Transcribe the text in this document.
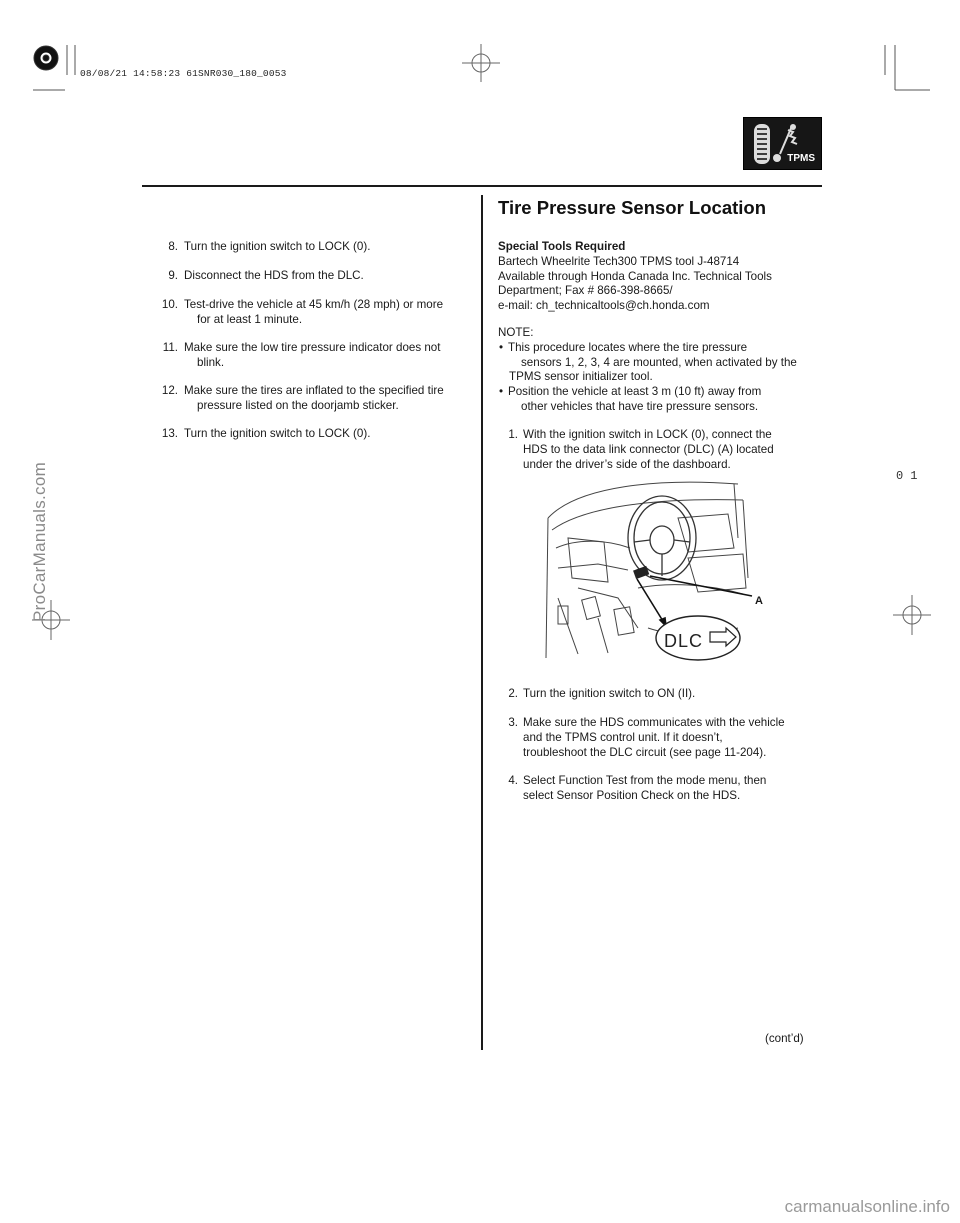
08/08/21 14:58:23 61SNR030_180_0053
ProCarManuals.com
carmanualsonline.info
01
TPMS
Tire Pressure Sensor Location
8. Turn the ignition switch to LOCK (0).
9. Disconnect the HDS from the DLC.
10. Test-drive the vehicle at 45 km/h (28 mph) or more
for at least 1 minute.
11. Make sure the low tire pressure indicator does not
blink.
12. Make sure the tires are inflated to the specified tire
pressure listed on the doorjamb sticker.
13. Turn the ignition switch to LOCK (0).
Special Tools Required
Bartech Wheelrite Tech300 TPMS tool J-48714
Available through Honda Canada Inc. Technical Tools
Department; Fax # 866-398-8665/
e-mail: ch_technicaltools@ch.honda.com
NOTE:
• This procedure locates where the tire pressure
sensors 1, 2, 3, 4 are mounted, when activated by the
TPMS sensor initializer tool.
• Position the vehicle at least 3 m (10 ft) away from
other vehicles that have tire pressure sensors.
1. With the ignition switch in LOCK (0), connect the
HDS to the data link connector (DLC) (A) located
under the driver’s side of the dashboard.
DLC
A
2. Turn the ignition switch to ON (II).
3. Make sure the HDS communicates with the vehicle
and the TPMS control unit. If it doesn’t,
troubleshoot the DLC circuit (see page 11-204).
4. Select Function Test from the mode menu, then
select Sensor Position Check on the HDS.
(cont’d)
